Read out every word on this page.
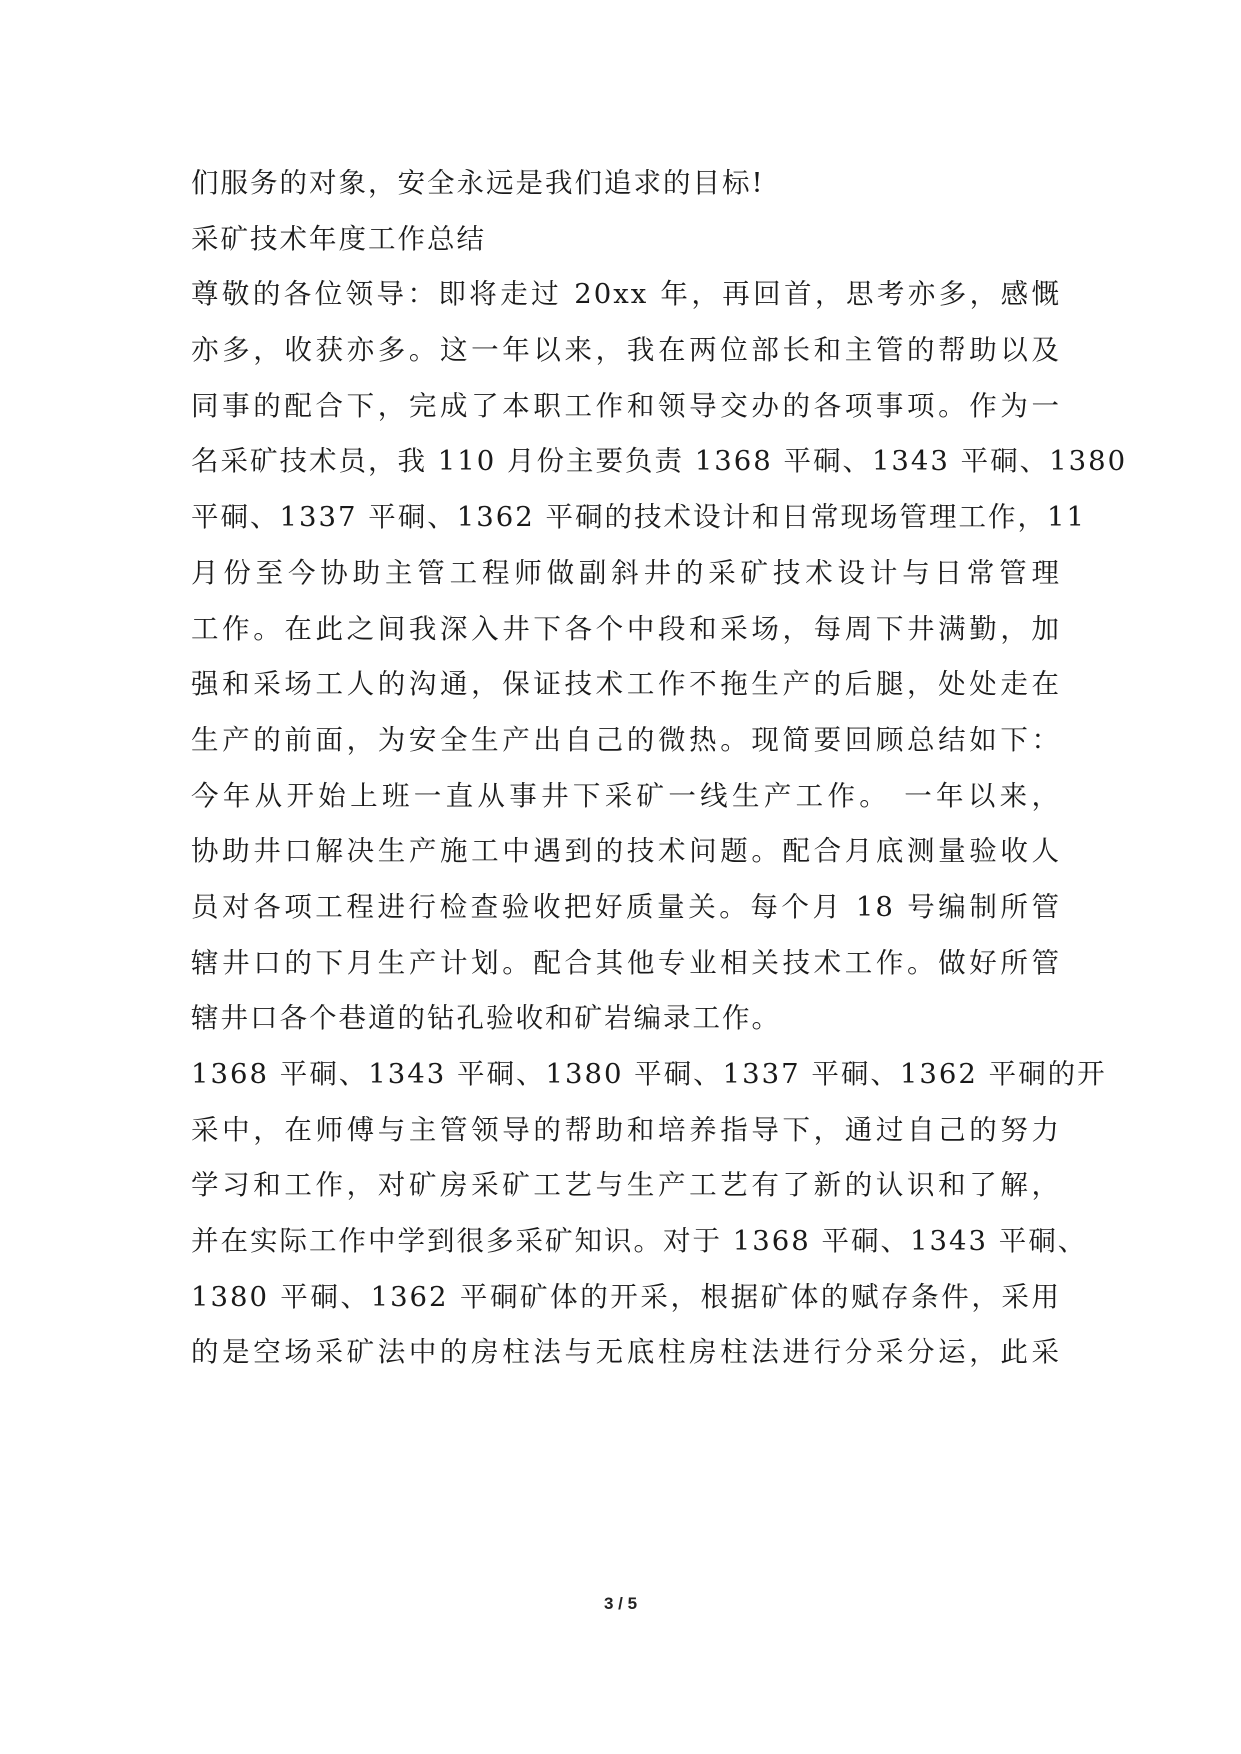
们服务的对象，安全永远是我们追求的目标!
采矿技术年度工作总结
尊敬的各位领导：即将走过 20xx 年，再回首，思考亦多，感慨
亦多，收获亦多。这一年以来，我在两位部长和主管的帮助以及
同事的配合下，完成了本职工作和领导交办的各项事项。作为一
名采矿技术员，我 110 月份主要负责 1368 平硐、1343 平硐、1380
平硐、1337 平硐、1362 平硐的技术设计和日常现场管理工作，11
月份至今协助主管工程师做副斜井的采矿技术设计与日常管理
工作。在此之间我深入井下各个中段和采场，每周下井满勤，加
强和采场工人的沟通，保证技术工作不拖生产的后腿，处处走在
生产的前面，为安全生产出自己的微热。现简要回顾总结如下：
今年从开始上班一直从事井下采矿一线生产工作。 一年以来，
协助井口解决生产施工中遇到的技术问题。配合月底测量验收人
员对各项工程进行检查验收把好质量关。每个月 18 号编制所管
辖井口的下月生产计划。配合其他专业相关技术工作。做好所管
辖井口各个巷道的钻孔验收和矿岩编录工作。
1368 平硐、1343 平硐、1380 平硐、1337 平硐、1362 平硐的开
采中，在师傅与主管领导的帮助和培养指导下，通过自己的努力
学习和工作，对矿房采矿工艺与生产工艺有了新的认识和了解，
并在实际工作中学到很多采矿知识。对于 1368 平硐、1343 平硐、
1380 平硐、1362 平硐矿体的开采，根据矿体的赋存条件，采用
的是空场采矿法中的房柱法与无底柱房柱法进行分采分运，此采
3 / 5
